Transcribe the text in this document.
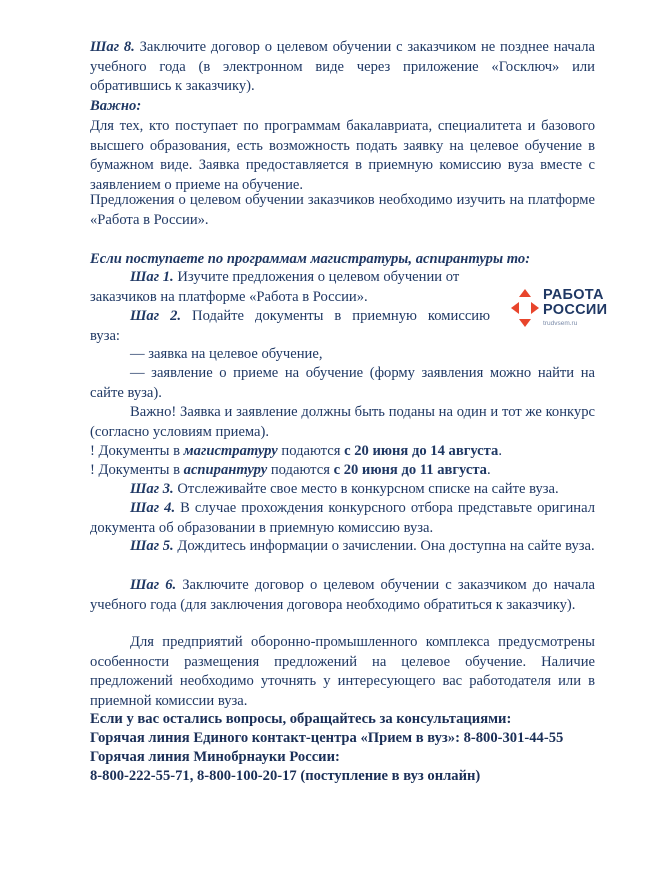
Шаг 8. Заключите договор о целевом обучении с заказчиком не позднее начала учебного года (в электронном виде через приложение «Госключ» или обратившись к заказчику).

Важно:

Для тех, кто поступает по программам бакалавриата, специалитета и базового высшего образования, есть возможность подать заявку на целевое обучение в бумажном виде. Заявка предоставляется в приемную комиссию вуза вместе с заявлением о приеме на обучение.

Предложения о целевом обучении заказчиков необходимо изучить на платформе «Работа в России».

Если поступаете по программам магистратуры, аспирантуры то:

Шаг 1. Изучите предложения о целевом обучении от
заказчиков на платформе «Работа в России».

Шаг 2. Подайте документы в приемную комиссию
вуза:

— заявка на целевое обучение,

— заявление о приеме на обучение (форму заявления можно найти на сайте вуза).

Важно! Заявка и заявление должны быть поданы на один и тот же конкурс (согласно условиям приема).

! Документы в магистратуру подаются с 20 июня до 14 августа.

! Документы в аспирантуру подаются с 20 июня до 11 августа.

Шаг 3. Отслеживайте свое место в конкурсном списке на сайте вуза.

Шаг 4. В случае прохождения конкурсного отбора представьте оригинал документа об образовании в приемную комиссию вуза.

Шаг 5. Дождитесь информации о зачислении. Она доступна на сайте вуза.

Шаг 6. Заключите договор о целевом обучении с заказчиком до начала учебного года (для заключения договора необходимо обратиться к заказчику).

Для предприятий оборонно-промышленного комплекса предусмотрены особенности размещения предложений на целевое обучение. Наличие предложений необходимо уточнять у интересующего вас работодателя или в приемной комиссии вуза.

Если у вас остались вопросы, обращайтесь за консультациями:

Горячая линия Единого контакт-центра «Прием в вуз»: 8-800-301-44-55

Горячая линия Минобрнауки России:

8-800-222-55-71, 8-800-100-20-17 (поступление в вуз онлайн)

РАБОТА
РОССИИ
trudvsem.ru
